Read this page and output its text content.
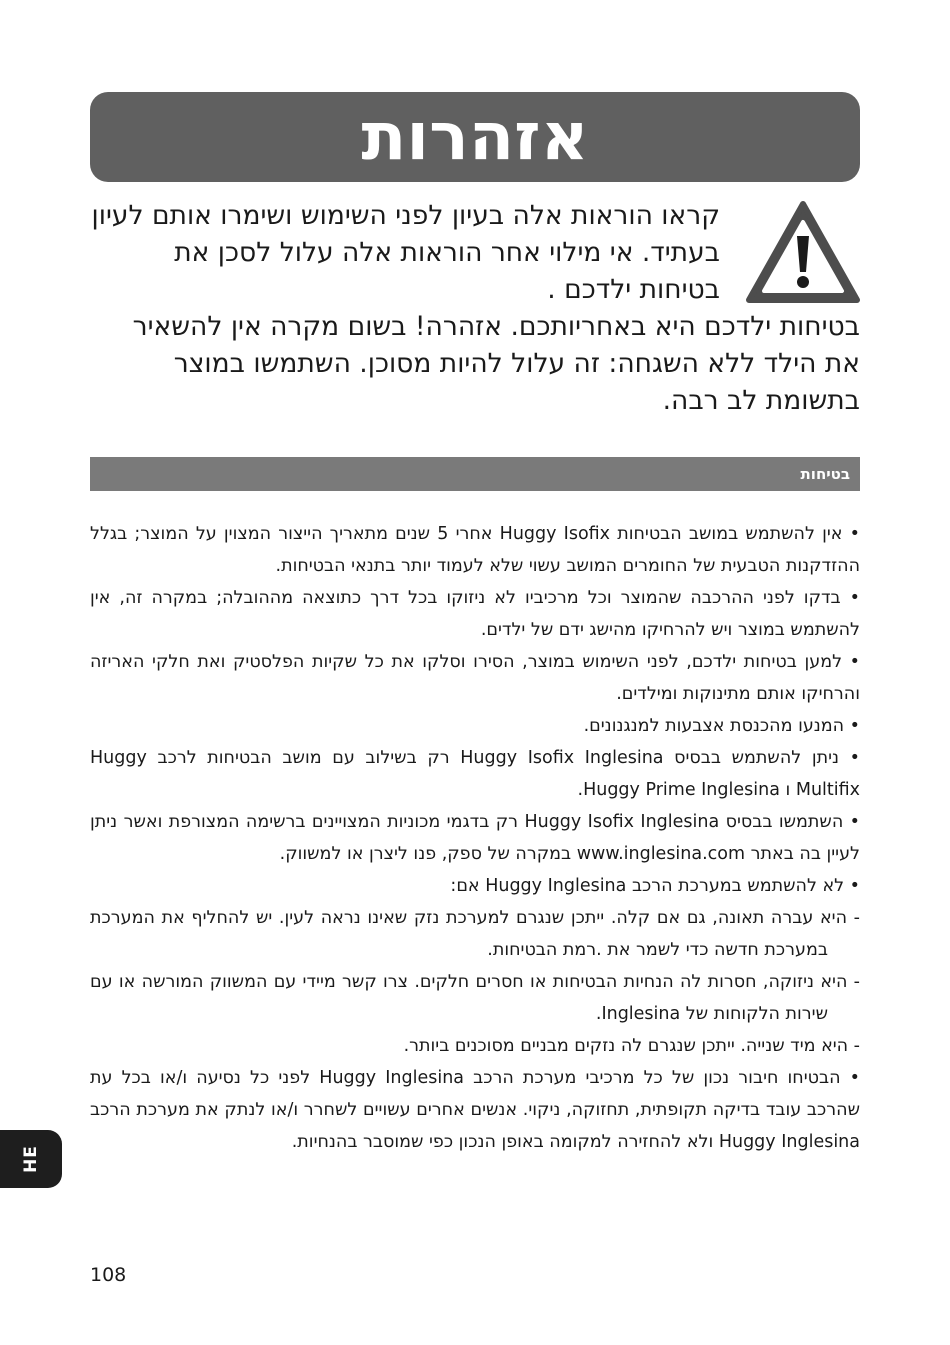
אזהרות

קראו הוראות אלה בעיון לפני השימוש ושימרו אותם לעיון בעתיד. אי מילוי אחר הוראות אלה עלול לסכן את בטיחות ילדכם .

בטיחות ילדכם היא באחריותכם. אזהרה! בשום מקרה אין להשאיר את הילד ללא השגחה: זה עלול להיות מסוכן. השתמשו במוצר בתשומת לב רבה.

בטיחות

• אין להשתמש במושב הבטיחות Huggy Isofix אחרי 5 שנים מתאריך הייצור המצוין על המוצר; בגלל ההזדקנות הטבעית של החומרים המושב עשוי שלא לעמוד יותר בתנאי הבטיחות.

• בדקו לפני ההרכבה שהמוצר וכל מרכיביו לא ניזוקו בכל דרך כתוצאה מההובלה; במקרה זה, אין להשתמש במוצר ויש להרחיקו מהישג ידם של ילדים.

• למען בטיחות ילדכם, לפני השימוש במוצר, הסירו וסלקו את כל שקיות הפלסטיק ואת חלקי האריזה והרחיקו אותם מתינוקות ומילדים.

• המנעו מהכנסת אצבעות למנגנונים.

• ניתן להשתמש בבסיס Huggy Isofix Inglesina רק בשילוב עם מושב הבטיחות לרכב Huggy Multifix ו Huggy Prime Inglesina.

• השתמשו בבסיס Huggy Isofix Inglesina רק בדגמי מכוניות המצויינים ברשימה המצורפת ואשר ניתן לעיין בה באתר www.inglesina.com במקרה של ספק, פנו ליצרן או למשווק.

• לא להשתמש במערכת הרכב Huggy Inglesina אם:

- היא עברה תאונה, גם אם קלה. ייתכן שנגרם למערכת נזק שאינו נראה לעין. יש להחליף את המערכת במערכת חדשה כדי לשמר את .רמת הבטיחות.

- היא ניזוקה, חסרות לה הנחיות הבטיחות או חסרים חלקים. צרו קשר מיידי עם המשווק המורשה או עם שירות הלקוחות של Inglesina.

- היא מיד שנייה. ייתכן שנגרם לה נזקים מבניים מסוכנים ביותר.

• הבטיחו חיבור נכון של כל מרכיבי מערכת הרכב Huggy Inglesina לפני כל נסיעה ו/או בכל עת שהרכב עובד בדיקה תקופתית, תחזוקה, ניקוי. אנשים אחרים עשויים לשחרר ו/או לנתק את מערכת הרכב Huggy Inglesina ולא להחזירה למקומה באופן הנכון כפי שמוסבר בהנחיות.

HE
108
